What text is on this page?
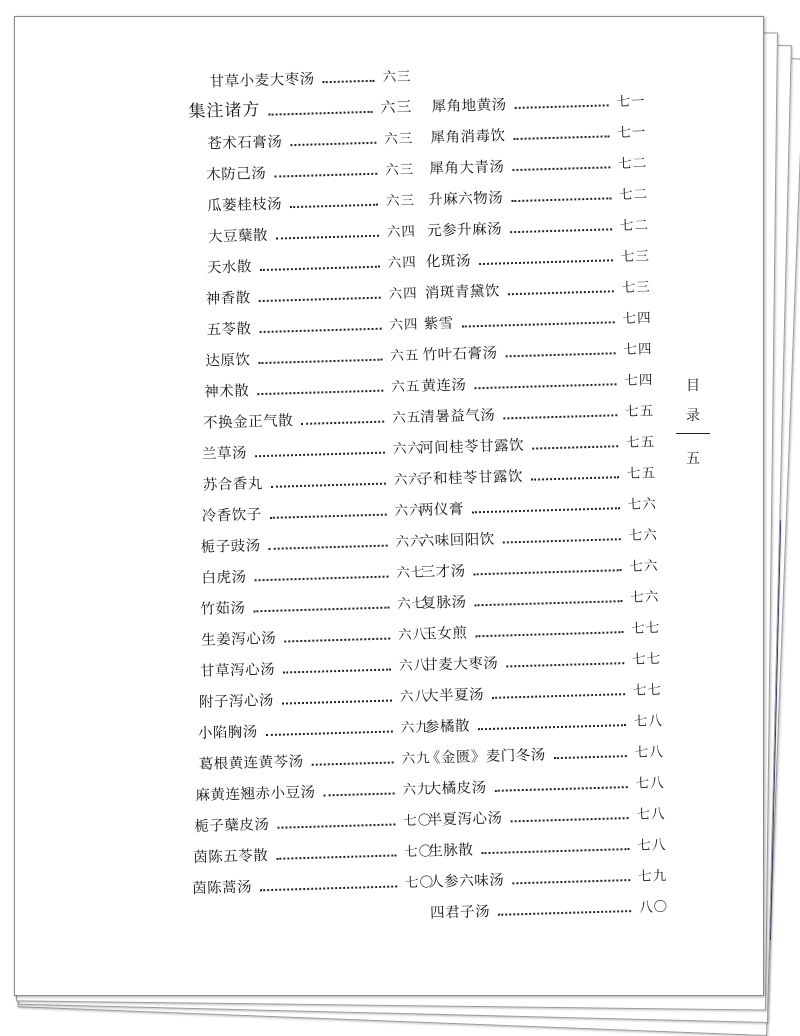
甘草小麦大枣汤	六三
集注诸方	六三
苍术石膏汤	六三
木防己汤	六三
瓜蒌桂枝汤	六三
大豆蘖散	六四
天水散	六四
神香散	六四
五苓散	六四
达原饮	六五
神术散	六五
不换金正气散	六五
兰草汤	六六
苏合香丸	六六
冷香饮子	六六
栀子豉汤	六六
白虎汤	六七
竹茹汤	六七
生姜泻心汤	六八
甘草泻心汤	六八
附子泻心汤	六八
小陷胸汤	六九
葛根黄连黄芩汤	六九
麻黄连翘赤小豆汤	六九
栀子蘖皮汤	七〇
茵陈五苓散	七〇
茵陈蒿汤	七〇
犀角地黄汤	七一
犀角消毒饮	七一
犀角大青汤	七二
升麻六物汤	七二
元参升麻汤	七二
化斑汤	七三
消斑青黛饮	七三
紫雪	七四
竹叶石膏汤	七四
黄连汤	七四
清暑益气汤	七五
河间桂苓甘露饮	七五
子和桂苓甘露饮	七五
两仪膏	七六
六味回阳饮	七六
三才汤	七六
复脉汤	七六
玉女煎	七七
甘麦大枣汤	七七
大半夏汤	七七
参橘散	七八
《金匮》麦门冬汤	七八
大橘皮汤	七八
半夏泻心汤	七八
生脉散	七八
人参六味汤	七九
四君子汤	八〇
目
录
五
